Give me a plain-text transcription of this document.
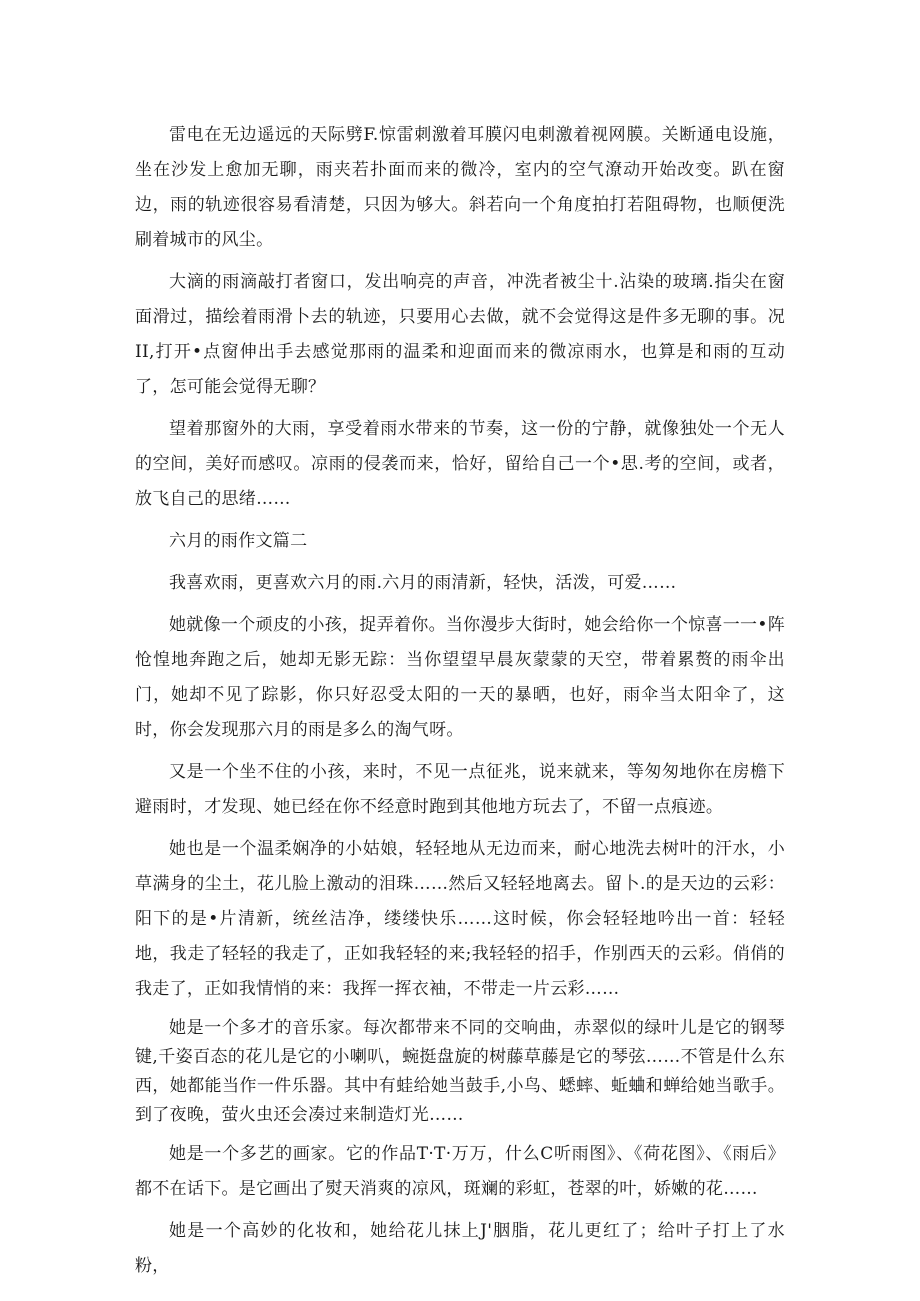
雷电在无边遥远的天际劈F.惊雷刺激着耳膜闪电刺激着视网膜。关断通电设施，坐在沙发上愈加无聊，雨夹若扑面而来的微冷，室内的空气潦动开始改变。趴在窗边，雨的轨迹很容易看清楚，只因为够大。斜若向一个角度拍打若阻碍物，也顺便洗刷着城市的风尘。

大滴的雨滴敲打者窗口，发出响亮的声音，冲洗者被尘十.沾染的玻璃.指尖在窗面滑过，描绘着雨滑卜去的轨迹，只要用心去做，就不会觉得这是件多无聊的事。况II,打开•点窗伸出手去感觉那雨的温柔和迎面而来的微凉雨水，也算是和雨的互动了，怎可能会觉得无聊？

望着那窗外的大雨，享受着雨水带来的节奏，这一份的宁静，就像独处一个无人的空间，美好而感叹。凉雨的侵袭而来，恰好，留给自己一个•思.考的空间，或者，放飞自己的思绪……

六月的雨作文篇二

我喜欢雨，更喜欢六月的雨.六月的雨清新，轻快，活泼，可爱……

她就像一个顽皮的小孩，捉弄着你。当你漫步大街时，她会给你一个惊喜一一•阵怆惶地奔跑之后，她却无影无踪：当你望望早晨灰蒙蒙的天空，带着累赘的雨伞出门，她却不见了踪影，你只好忍受太阳的一天的暴晒，也好，雨伞当太阳伞了，这时，你会发现那六月的雨是多么的淘气呀。

又是一个坐不住的小孩，来时，不见一点征兆，说来就来，等匆匆地你在房檐下避雨时，才发现、她已经在你不经意时跑到其他地方玩去了，不留一点痕迹。

她也是一个温柔娴净的小姑娘，轻轻地从无边而来，耐心地洗去树叶的汗水，小草满身的尘土，花儿脸上激动的泪珠……然后又轻轻地离去。留卜.的是天边的云彩：阳下的是•片清新，统丝洁净，缕缕快乐……这时候，你会轻轻地吟出一首：轻轻地，我走了轻轻的我走了，正如我轻轻的来;我轻轻的招手，作别西天的云彩。俏俏的我走了，正如我情悄的来：我挥一挥衣袖，不带走一片云彩……

她是一个多才的音乐家。每次都带来不同的交响曲，赤翠似的绿叶儿是它的钢琴键,千姿百态的花儿是它的小喇叭，蜿挺盘旋的树藤草藤是它的琴弦……不管是什么东西，她都能当作一件乐器。其中有蛙给她当鼓手,小鸟、蟋蟀、蚯蛐和蝉给她当歌手。到了夜晚，萤火虫还会凑过来制造灯光……

她是一个多艺的画家。它的作品T·T·万万，什么C听雨图》、《荷花图》、《雨后》都不在话下。是它画出了熨天消爽的凉风，斑斓的彩虹，苍翠的叶，娇嫩的花……

她是一个高妙的化妆和，她给花儿抹上J'胭脂，花儿更红了；给叶子打上了水粉，
